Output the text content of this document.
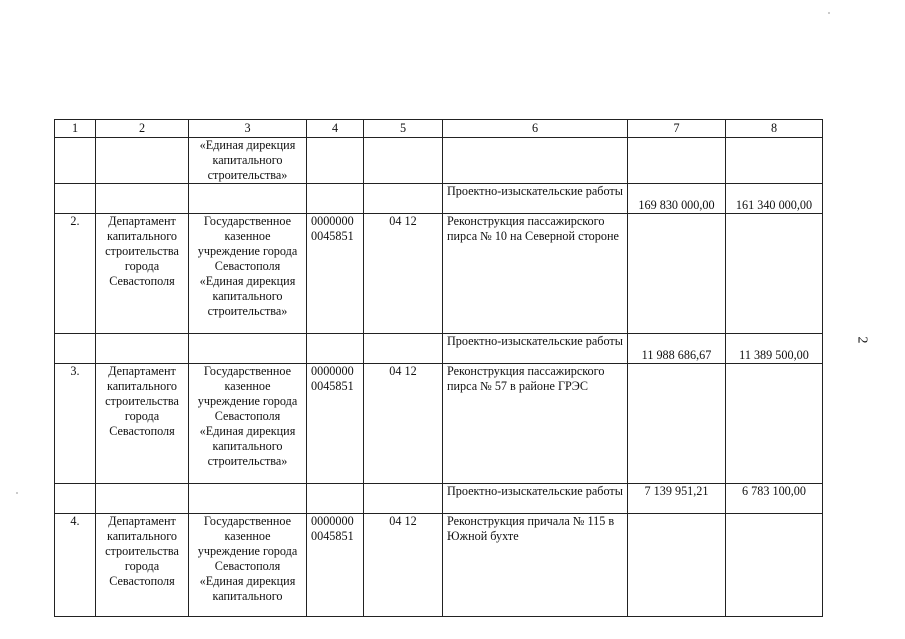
1	2	3	4	5	6	7	8
		«Единая дирекция капитального строительства»					
					Проектно-изыскательские работы	169 830 000,00	161 340 000,00
2.	Департамент капитального строительства города Севастополя	Государственное казенное учреждение города Севастополя «Единая дирекция капитального строительства»	0000000 0045851	04 12	Реконструкция пассажирского пирса № 10 на Северной стороне		
					Проектно-изыскательские работы	11 988 686,67	11 389 500,00
3.	Департамент капитального строительства города Севастополя	Государственное казенное учреждение города Севастополя «Единая дирекция капитального строительства»	0000000 0045851	04 12	Реконструкция пассажирского пирса № 57 в районе ГРЭС		
					Проектно-изыскательские работы	7 139 951,21	6 783 100,00
4.	Департамент капитального строительства города Севастополя	Государственное казенное учреждение города Севастополя «Единая дирекция капитального	0000000 0045851	04 12	Реконструкция причала № 115 в Южной бухте		
2
